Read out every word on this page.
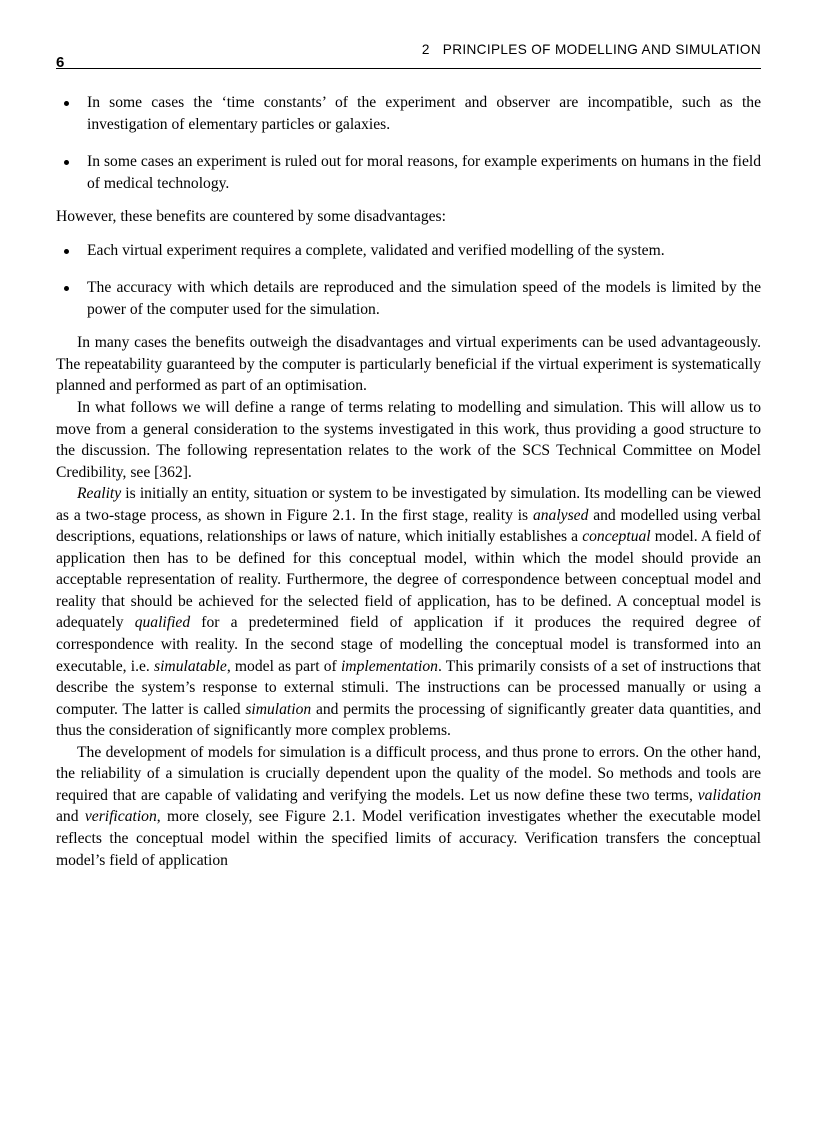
6

2 PRINCIPLES OF MODELLING AND SIMULATION

In some cases the ‘time constants’ of the experiment and observer are incompatible, such as the investigation of elementary particles or galaxies.
In some cases an experiment is ruled out for moral reasons, for example experiments on humans in the field of medical technology.

However, these benefits are countered by some disadvantages:

Each virtual experiment requires a complete, validated and verified modelling of the system.
The accuracy with which details are reproduced and the simulation speed of the models is limited by the power of the computer used for the simulation.

In many cases the benefits outweigh the disadvantages and virtual experiments can be used advantageously. The repeatability guaranteed by the computer is particularly beneficial if the virtual experiment is systematically planned and performed as part of an optimisation.

In what follows we will define a range of terms relating to modelling and simulation. This will allow us to move from a general consideration to the systems investigated in this work, thus providing a good structure to the discussion. The following representation relates to the work of the SCS Technical Committee on Model Credibility, see [362].

Reality is initially an entity, situation or system to be investigated by simulation. Its modelling can be viewed as a two-stage process, as shown in Figure 2.1. In the first stage, reality is analysed and modelled using verbal descriptions, equations, relationships or laws of nature, which initially establishes a conceptual model. A field of application then has to be defined for this conceptual model, within which the model should provide an acceptable representation of reality. Furthermore, the degree of correspondence between conceptual model and reality that should be achieved for the selected field of application, has to be defined. A conceptual model is adequately qualified for a predetermined field of application if it produces the required degree of correspondence with reality. In the second stage of modelling the conceptual model is transformed into an executable, i.e. simulatable, model as part of implementation. This primarily consists of a set of instructions that describe the system’s response to external stimuli. The instructions can be processed manually or using a computer. The latter is called simulation and permits the processing of significantly greater data quantities, and thus the consideration of significantly more complex problems.

The development of models for simulation is a difficult process, and thus prone to errors. On the other hand, the reliability of a simulation is crucially dependent upon the quality of the model. So methods and tools are required that are capable of validating and verifying the models. Let us now define these two terms, validation and verification, more closely, see Figure 2.1. Model verification investigates whether the executable model reflects the conceptual model within the specified limits of accuracy. Verification transfers the conceptual model’s field of application
